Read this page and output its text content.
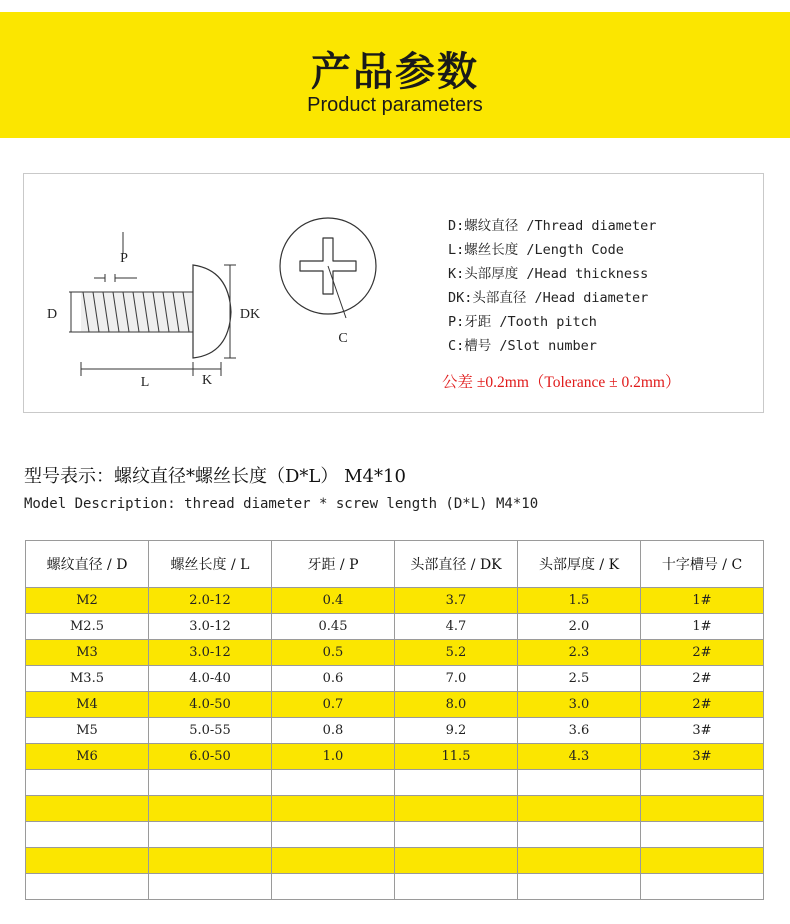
产品参数
Product parameters
P
D	DK
L	K
C
D:螺纹直径 /Thread diameter
L:螺丝长度 /Length Code
K:头部厚度 /Head thickness
DK:头部直径 /Head diameter
P:牙距 /Tooth pitch
C:槽号 /Slot number
公差 ±0.2mm（Tolerance ± 0.2mm）
型号表示：螺纹直径*螺丝长度（D*L） M4*10
Model Description: thread diameter * screw length (D*L) M4*10
螺纹直径 / D	螺丝长度 / L	牙距 / P	头部直径 / DK	头部厚度 / K	十字槽号 / C
M2	2.0-12	0.4	3.7	1.5	1#
M2.5	3.0-12	0.45	4.7	2.0	1#
M3	3.0-12	0.5	5.2	2.3	2#
M3.5	4.0-40	0.6	7.0	2.5	2#
M4	4.0-50	0.7	8.0	3.0	2#
M5	5.0-55	0.8	9.2	3.6	3#
M6	6.0-50	1.0	11.5	4.3	3#
